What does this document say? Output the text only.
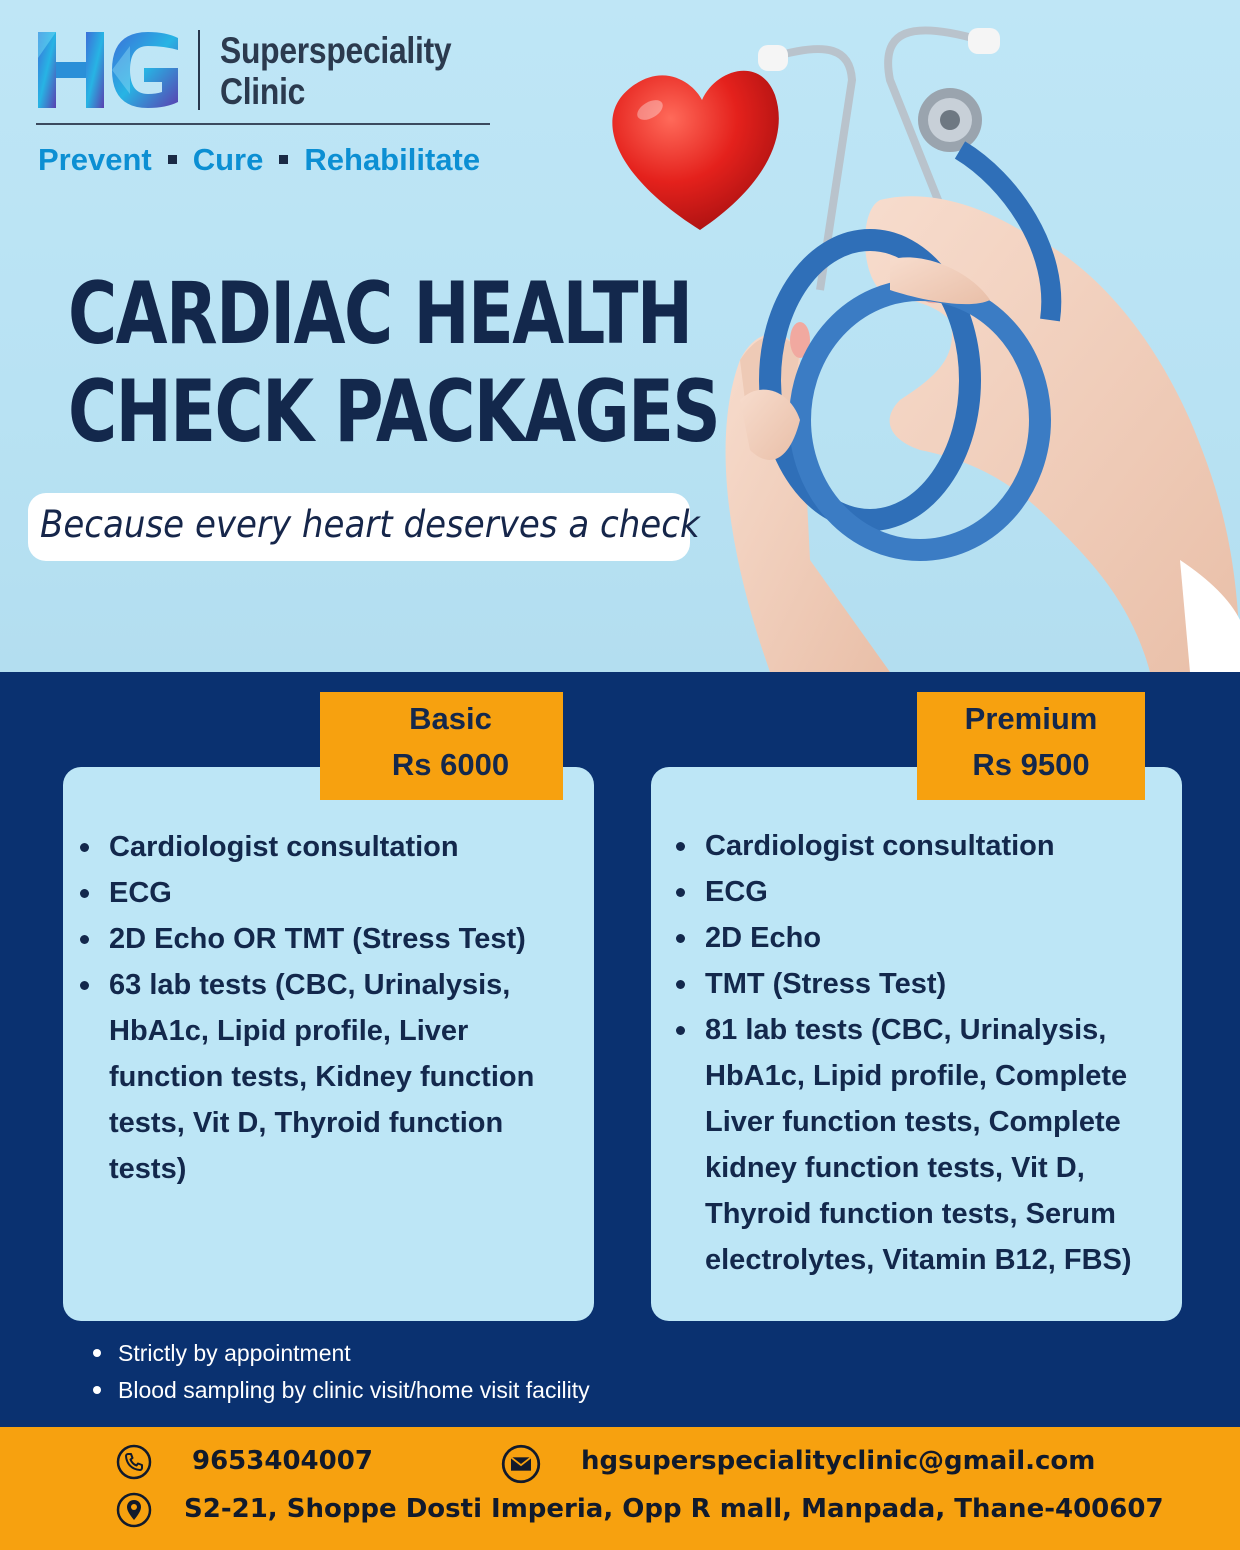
Superspeciality
Clinic
Prevent Cure Rehabilitate
CARDIAC HEALTH
CHECK PACKAGES
Because every heart deserves a check
Basic
Rs 6000
Premium
Rs 9500
Cardiologist consultation
ECG
2D Echo OR TMT (Stress Test)
63 lab tests (CBC, Urinalysis, HbA1c, Lipid profile, Liver function tests, Kidney function tests, Vit D, Thyroid function tests)
Cardiologist consultation
ECG
2D Echo
TMT (Stress Test)
81 lab tests (CBC, Urinalysis, HbA1c, Lipid profile, Complete Liver function tests, Complete kidney function tests, Vit D, Thyroid function tests, Serum electrolytes, Vitamin B12, FBS)
Strictly by appointment
Blood sampling by clinic visit/home visit facility
9653404007	hgsuperspecialityclinic@gmail.com
S2-21, Shoppe Dosti Imperia, Opp R mall, Manpada, Thane-400607
